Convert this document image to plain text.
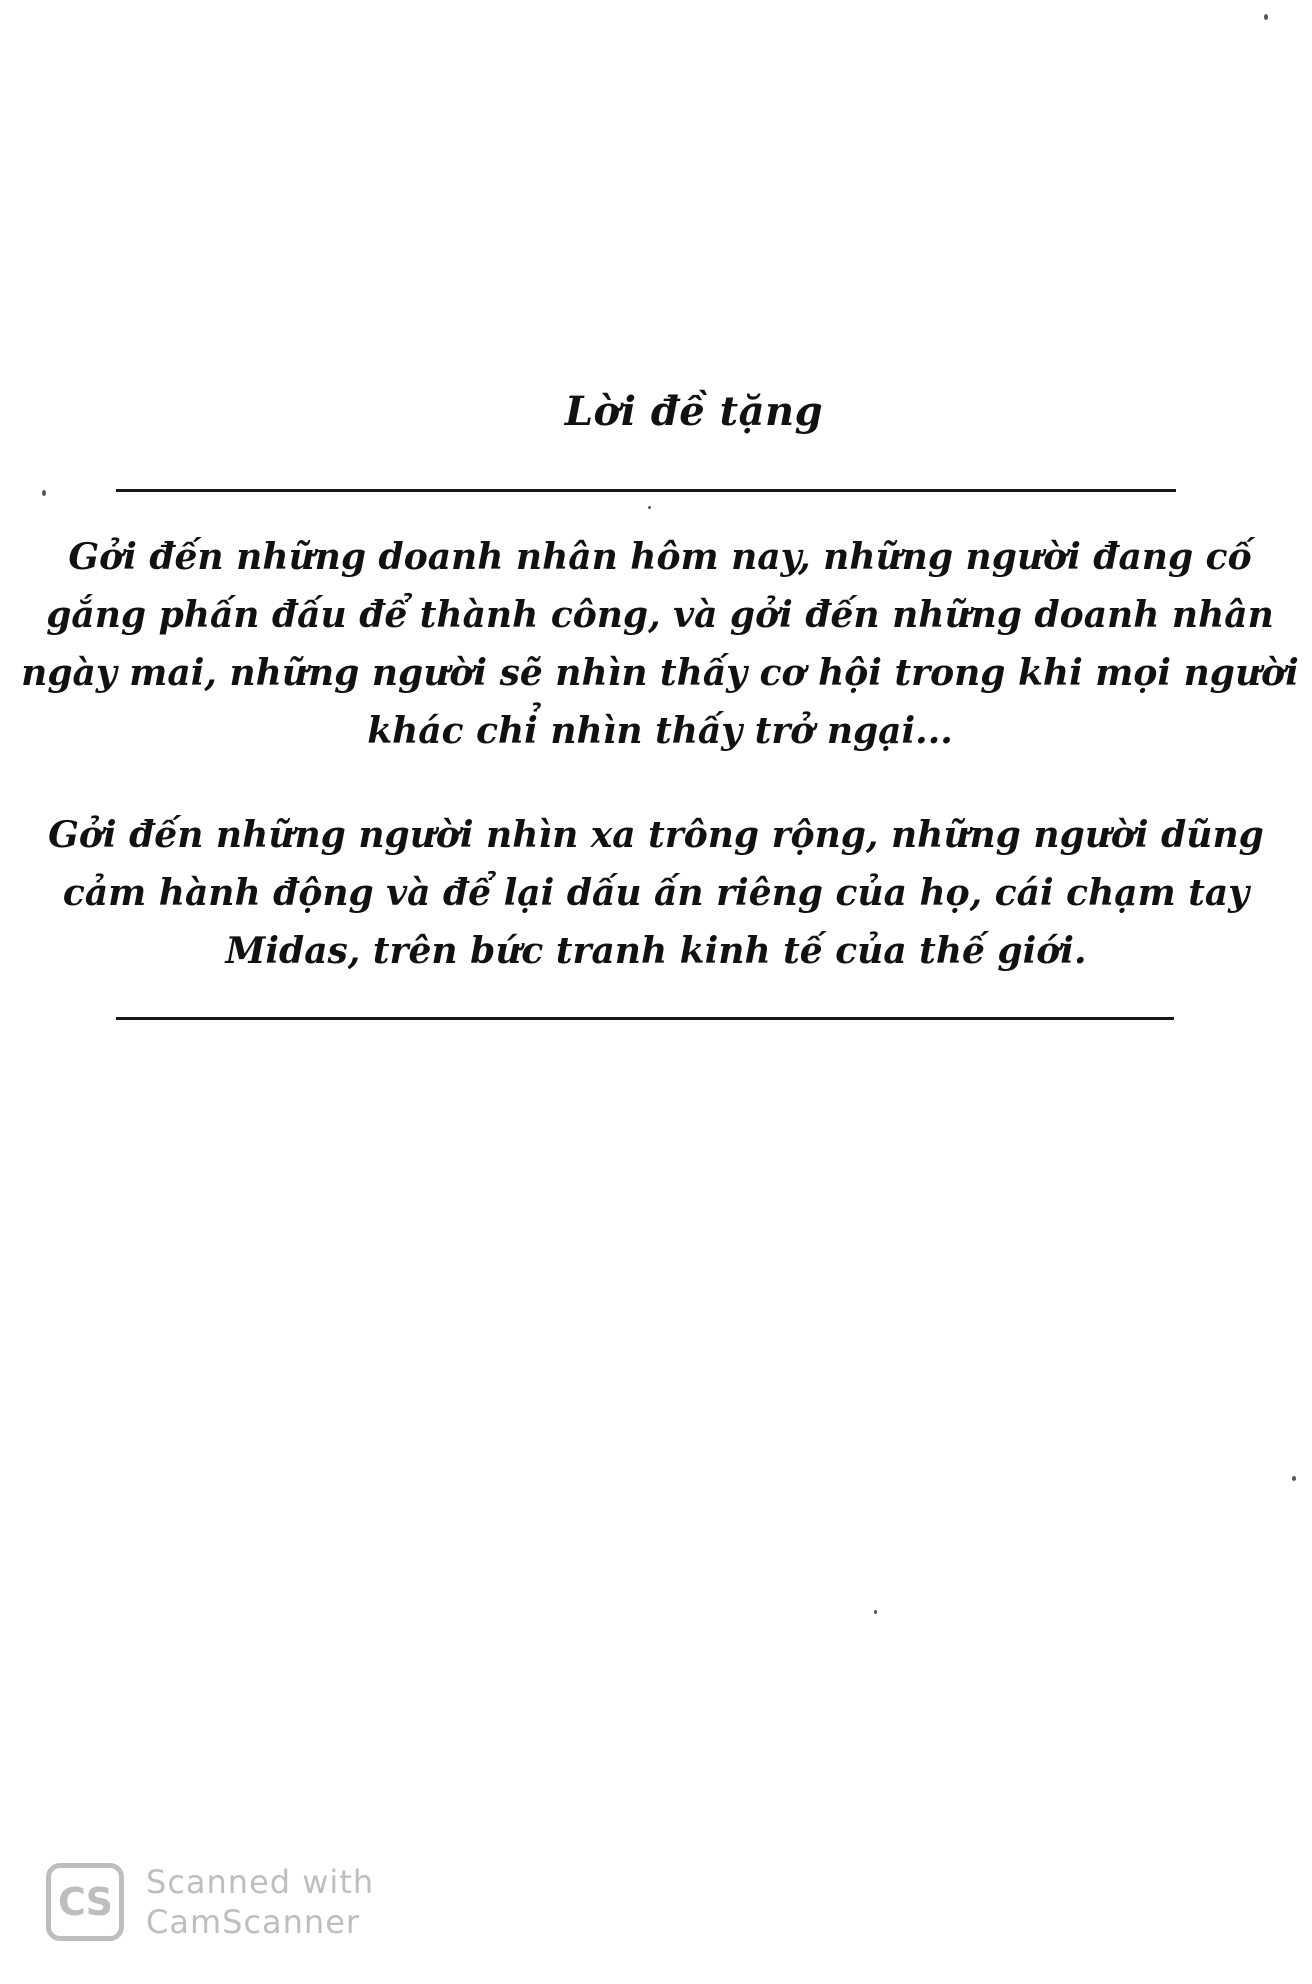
Lời đề tặng

Gởi đến những doanh nhân hôm nay, những người đang cố
gắng phấn đấu để thành công, và gởi đến những doanh nhân
ngày mai, những người sẽ nhìn thấy cơ hội trong khi mọi người
khác chỉ nhìn thấy trở ngại...

Gởi đến những người nhìn xa trông rộng, những người dũng
cảm hành động và để lại dấu ấn riêng của họ, cái chạm tay
Midas, trên bức tranh kinh tế của thế giới.

CS	Scanned with
CamScanner
